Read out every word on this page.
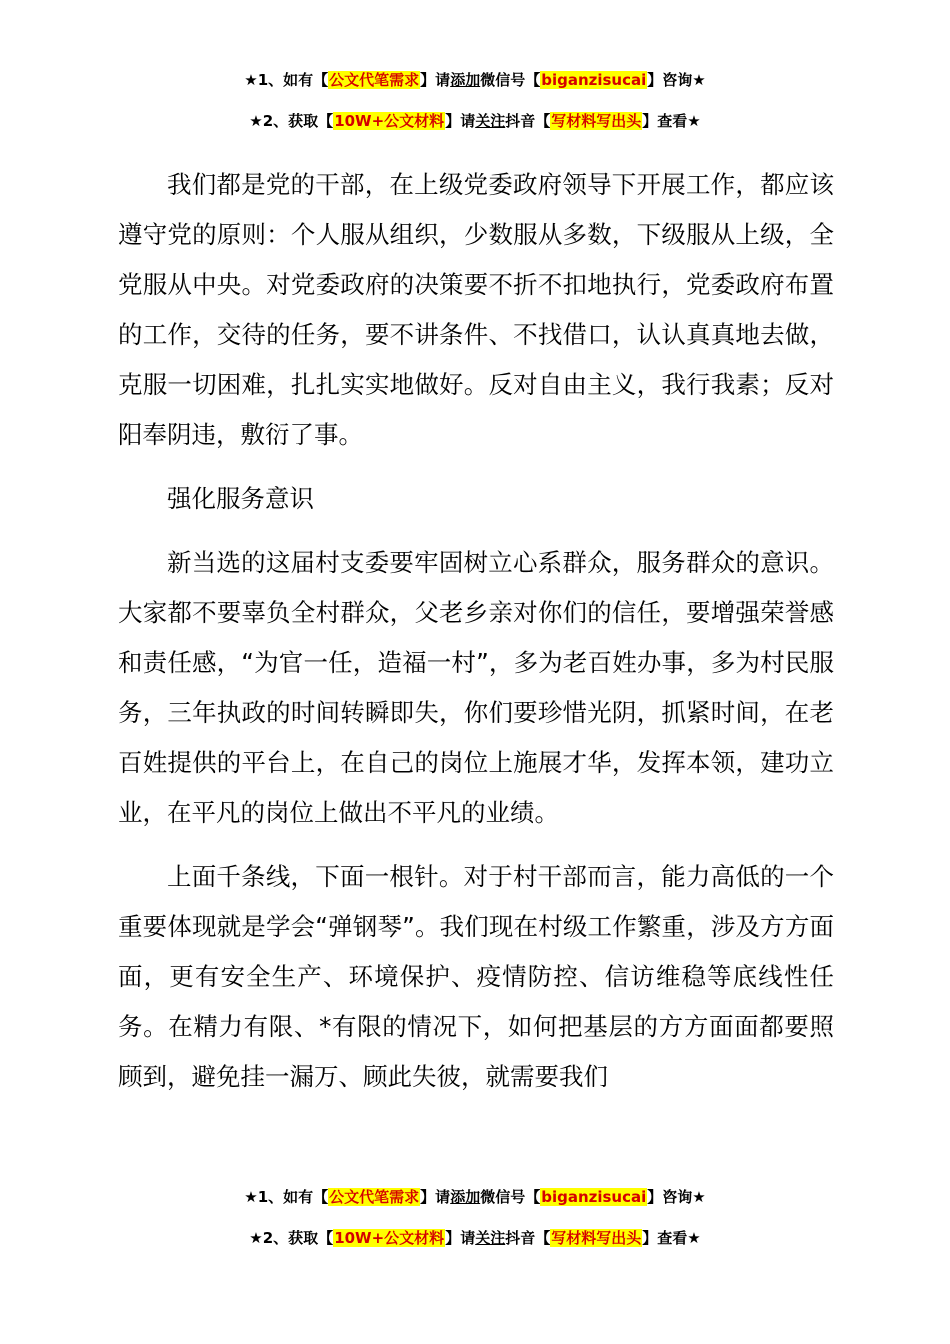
★1、如有【公文代笔需求】请添加微信号【biganzisucai】咨询★
★2、获取【10W+公文材料】请关注抖音【写材料写出头】查看★

我们都是党的干部，在上级党委政府领导下开展工作，都应该遵守党的原则：个人服从组织，少数服从多数，下级服从上级，全党服从中央。对党委政府的决策要不折不扣地执行，党委政府布置的工作，交待的任务，要不讲条件、不找借口，认认真真地去做，克服一切困难，扎扎实实地做好。反对自由主义，我行我素；反对阳奉阴违，敷衍了事。

强化服务意识

新当选的这届村支委要牢固树立心系群众，服务群众的意识。大家都不要辜负全村群众，父老乡亲对你们的信任，要增强荣誉感和责任感，“为官一任，造福一村”，多为老百姓办事，多为村民服务，三年执政的时间转瞬即失，你们要珍惜光阴，抓紧时间，在老百姓提供的平台上，在自己的岗位上施展才华，发挥本领，建功立业，在平凡的岗位上做出不平凡的业绩。

上面千条线，下面一根针。对于村干部而言，能力高低的一个重要体现就是学会“弹钢琴”。我们现在村级工作繁重，涉及方方面面，更有安全生产、环境保护、疫情防控、信访维稳等底线性任务。在精力有限、*有限的情况下，如何把基层的方方面面都要照顾到，避免挂一漏万、顾此失彼，就需要我们

★1、如有【公文代笔需求】请添加微信号【biganzisucai】咨询★
★2、获取【10W+公文材料】请关注抖音【写材料写出头】查看★
